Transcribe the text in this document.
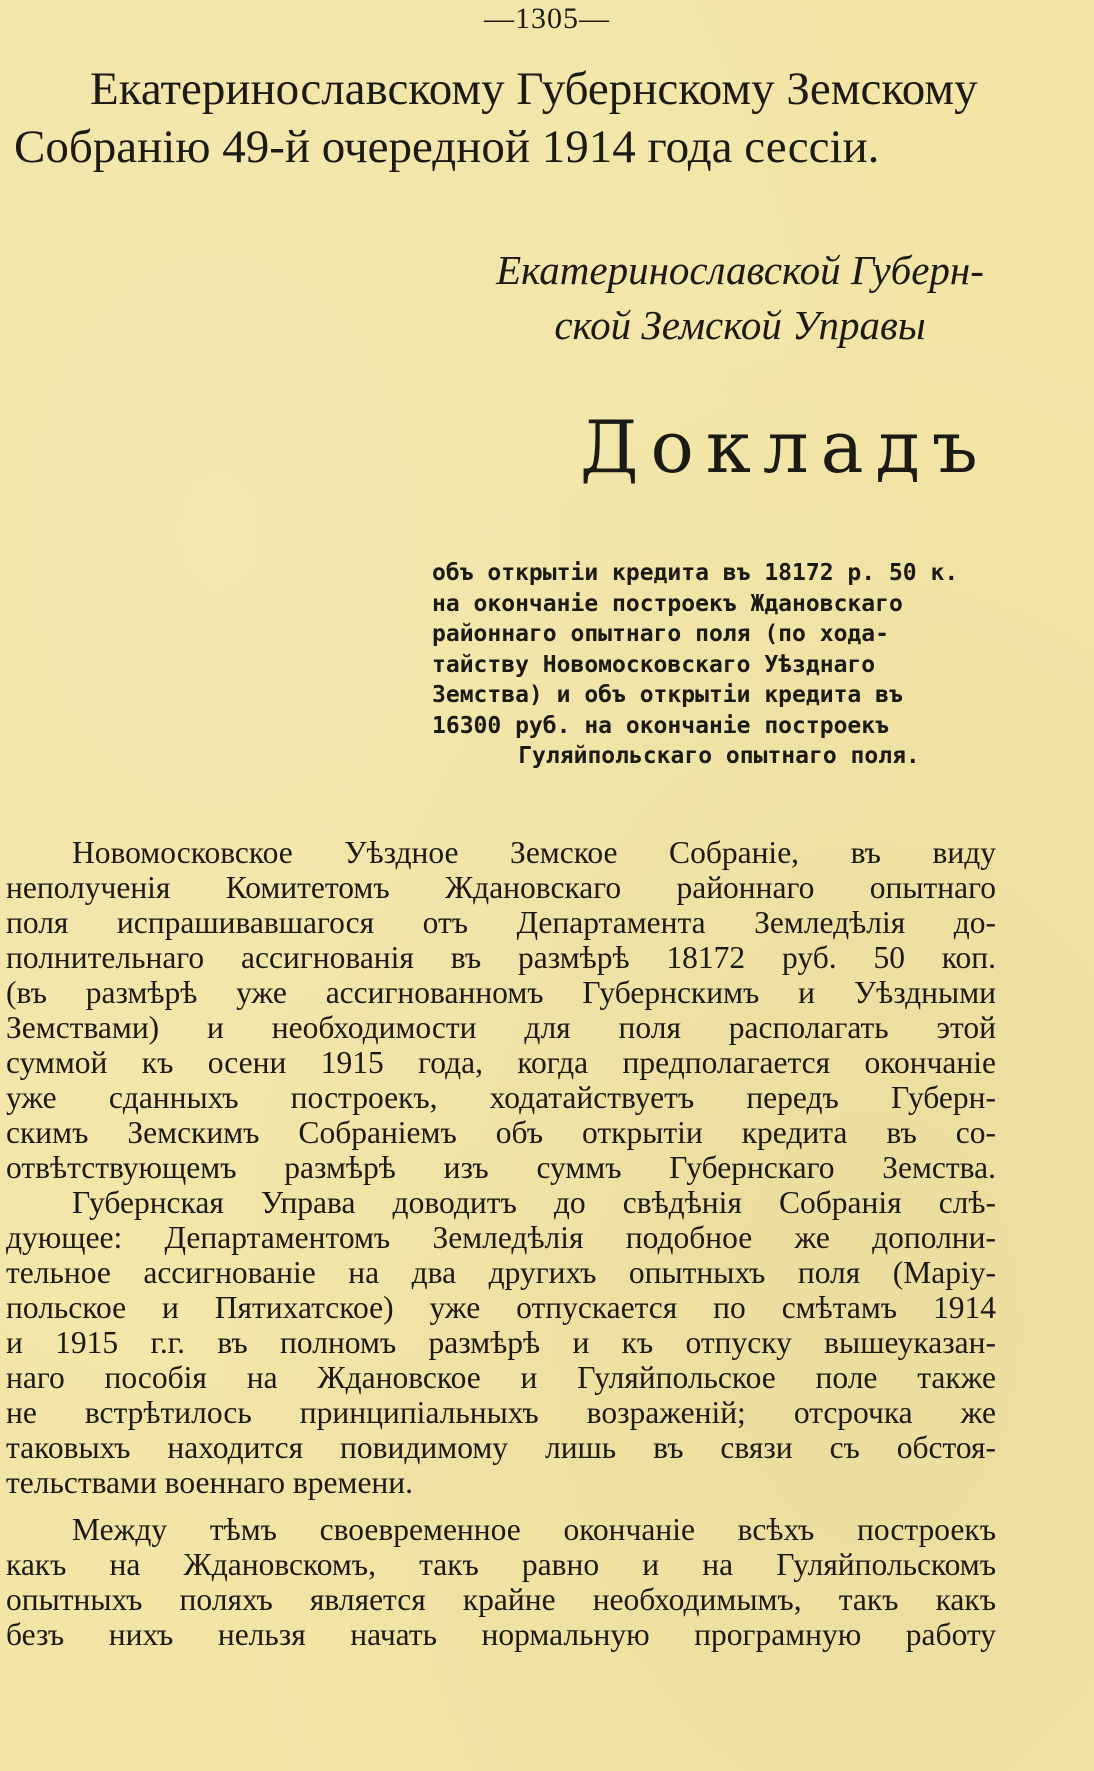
—1305—
Екатеринославскому Губернскому Земскому
Собранію 49-й очередной 1914 года сессіи.
Екатеринославской Губерн-
ской Земской Управы
Докладъ
объ открытіи кредита въ 18172 р. 50 к.
на окончаніе построекъ Ждановскаго
районнаго опытнаго поля (по хода-
тайству Новомосковскаго Уѣзднаго
Земства) и объ открытіи кредита въ
16300 руб. на окончаніе построекъ
Гуляйпольскаго опытнаго поля.
Новомосковское Уѣздное Земское Собраніе, въ виду
неполученія Комитетомъ Ждановскаго районнаго опытнаго
поля испрашивавшагося отъ Департамента Земледѣлія до-
полнительнаго ассигнованія въ размѣрѣ 18172 руб. 50 коп.
(въ размѣрѣ уже ассигнованномъ Губернскимъ и Уѣздными
Земствами) и необходимости для поля располагать этой
суммой къ осени 1915 года, когда предполагается окончаніе
уже сданныхъ построекъ, ходатайствуетъ передъ Губерн-
скимъ Земскимъ Собраніемъ объ открытіи кредита въ со-
отвѣтствующемъ размѣрѣ изъ суммъ Губернскаго Земства.
Губернская Управа доводитъ до свѣдѣнія Собранія слѣ-
дующее: Департаментомъ Земледѣлія подобное же дополни-
тельное ассигнованіе на два другихъ опытныхъ поля (Маріу-
польское и Пятихатское) уже отпускается по смѣтамъ 1914
и 1915 г.г. въ полномъ размѣрѣ и къ отпуску вышеуказан-
наго пособія на Ждановское и Гуляйпольское поле также
не встрѣтилось принципіальныхъ возраженій; отсрочка же
таковыхъ находится повидимому лишь въ связи съ обстоя-
тельствами военнаго времени.
Между тѣмъ своевременное окончаніе всѣхъ построекъ
какъ на Ждановскомъ, такъ равно и на Гуляйпольскомъ
опытныхъ поляхъ является крайне необходимымъ, такъ какъ
безъ нихъ нельзя начать нормальную програмную работу
